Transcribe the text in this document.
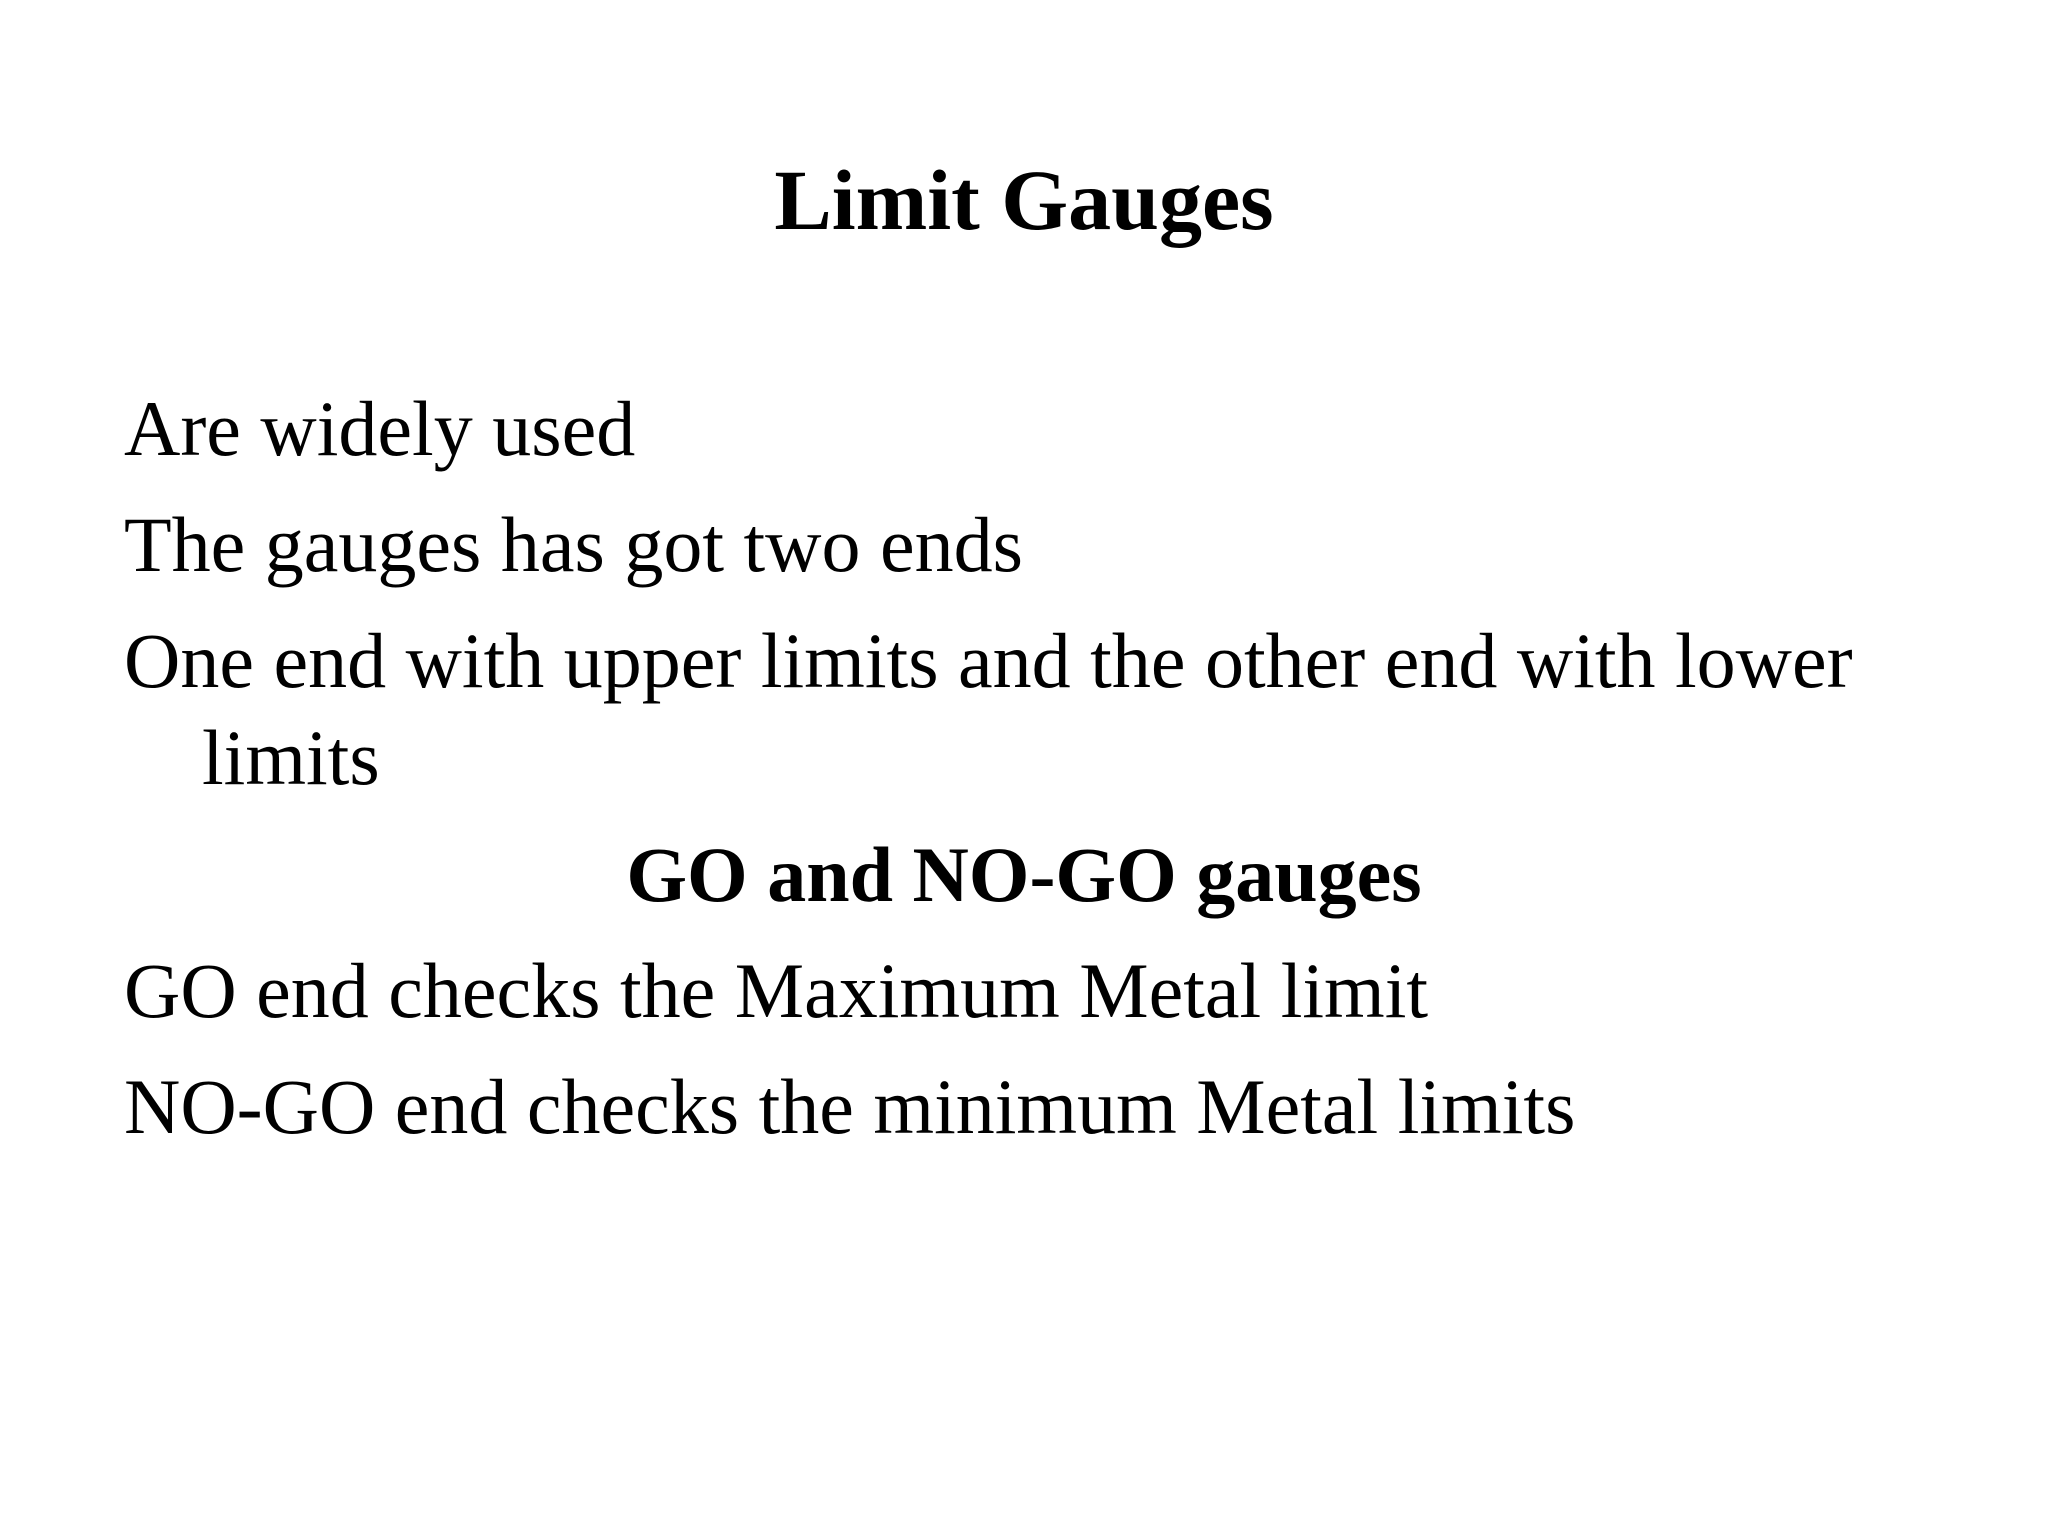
Limit Gauges

Are widely used

The gauges has got two ends

One end with upper limits and the other end with lower

limits

GO and NO-GO gauges

GO end checks the Maximum Metal limit

NO-GO end checks the minimum Metal limits
